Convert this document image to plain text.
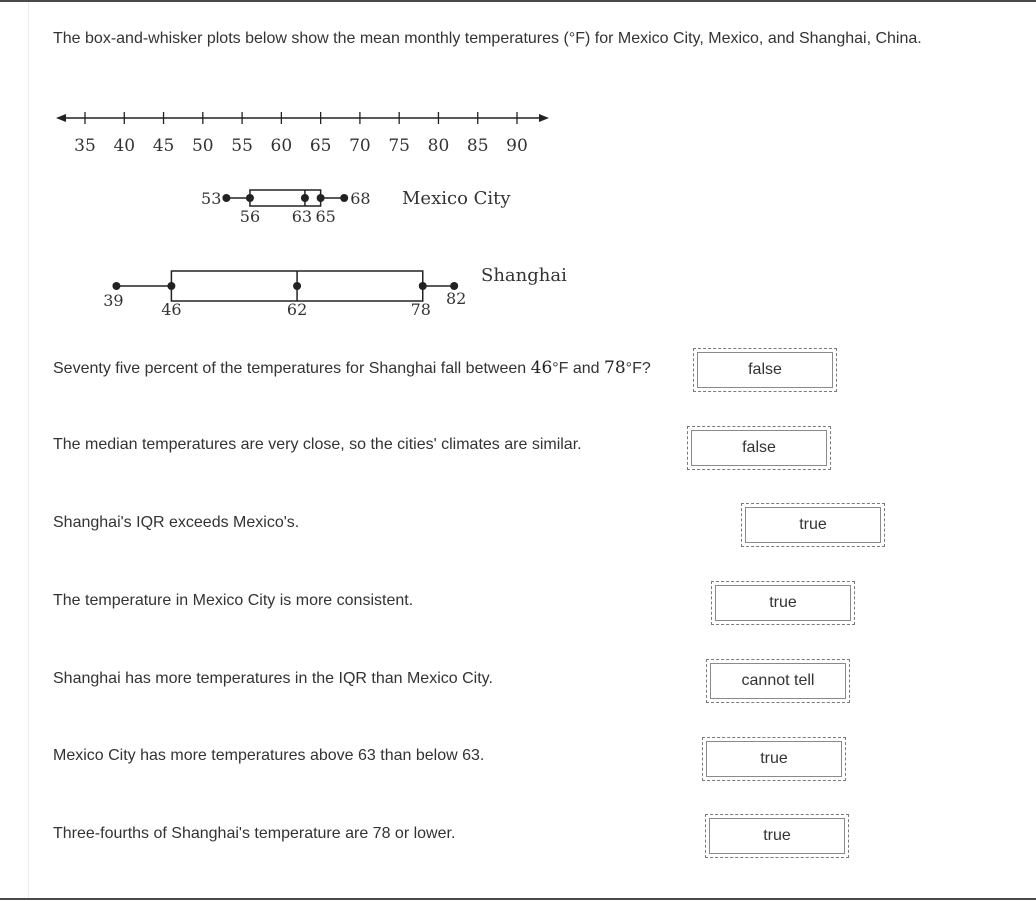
The box-and-whisker plots below show the mean monthly temperatures (°F) for Mexico City, Mexico, and Shanghai, China.
35 40 45 50 55 60 65 70 75 80 85 90
53
56 63 65
68 Mexico City
39 46	62	78
82
Shanghai
Seventy five percent of the temperatures for Shanghai fall between 46°F and 78°F?	false
The median temperatures are very close, so the cities' climates are similar.	false
Shanghai's IQR exceeds Mexico's.	true
The temperature in Mexico City is more consistent.	true
Shanghai has more temperatures in the IQR than Mexico City.	cannot tell
Mexico City has more temperatures above 63 than below 63.	true
Three-fourths of Shanghai's temperature are 78 or lower.	true
